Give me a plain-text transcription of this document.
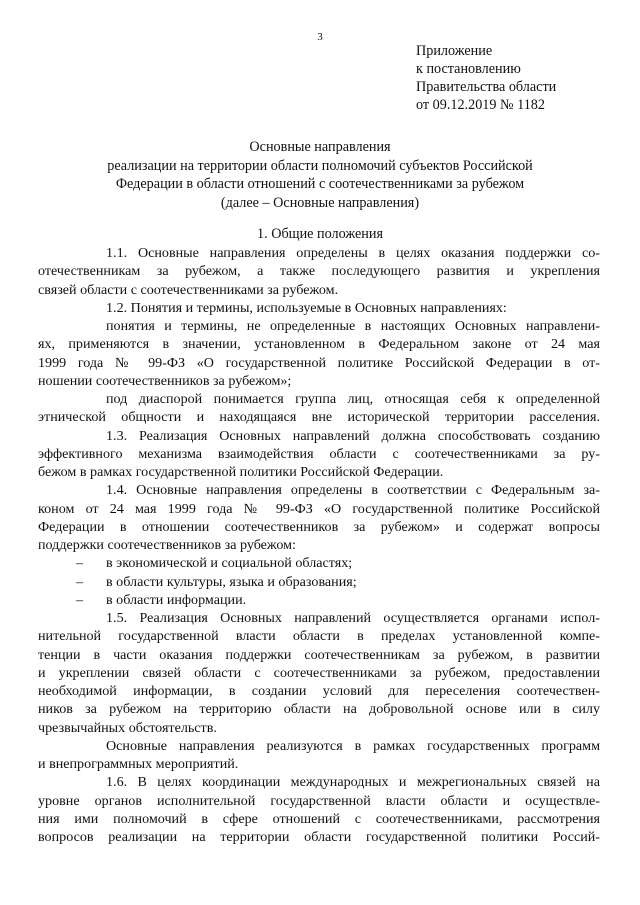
3
Приложение
к постановлению
Правительства области
от 09.12.2019 № 1182
Основные направления
реализации на территории области полномочий субъектов Российской
Федерации в области отношений с соотечественниками за рубежом
(далее – Основные направления)
1. Общие положения
1.1. Основные направления определены в целях оказания поддержки со-
отечественникам за рубежом, а также последующего развития и укрепления
связей области с соотечественниками за рубежом.
1.2. Понятия и термины, используемые в Основных направлениях:
понятия и термины, не определенные в настоящих Основных направлени-
ях, применяются в значении, установленном в Федеральном законе от 24 мая
1999 года № 99-ФЗ «О государственной политике Российской Федерации в от-
ношении соотечественников за рубежом»;
под диаспорой понимается группа лиц, относящая себя к определенной
этнической общности и находящаяся вне исторической территории расселения.
1.3. Реализация Основных направлений должна способствовать созданию
эффективного механизма взаимодействия области с соотечественниками за ру-
бежом в рамках государственной политики Российской Федерации.
1.4. Основные направления определены в соответствии с Федеральным за-
коном от 24 мая 1999 года № 99-ФЗ «О государственной политике Российской
Федерации в отношении соотечественников за рубежом» и содержат вопросы
поддержки соотечественников за рубежом:
– в экономической и социальной областях;
– в области культуры, языка и образования;
– в области информации.
1.5. Реализация Основных направлений осуществляется органами испол-
нительной государственной власти области в пределах установленной компе-
тенции в части оказания поддержки соотечественникам за рубежом, в развитии
и укреплении связей области с соотечественниками за рубежом, предоставлении
необходимой информации, в создании условий для переселения соотечествен-
ников за рубежом на территорию области на добровольной основе или в силу
чрезвычайных обстоятельств.
Основные направления реализуются в рамках государственных программ
и внепрограммных мероприятий.
1.6. В целях координации международных и межрегиональных связей на
уровне органов исполнительной государственной власти области и осуществле-
ния ими полномочий в сфере отношений с соотечественниками, рассмотрения
вопросов реализации на территории области государственной политики Россий-
